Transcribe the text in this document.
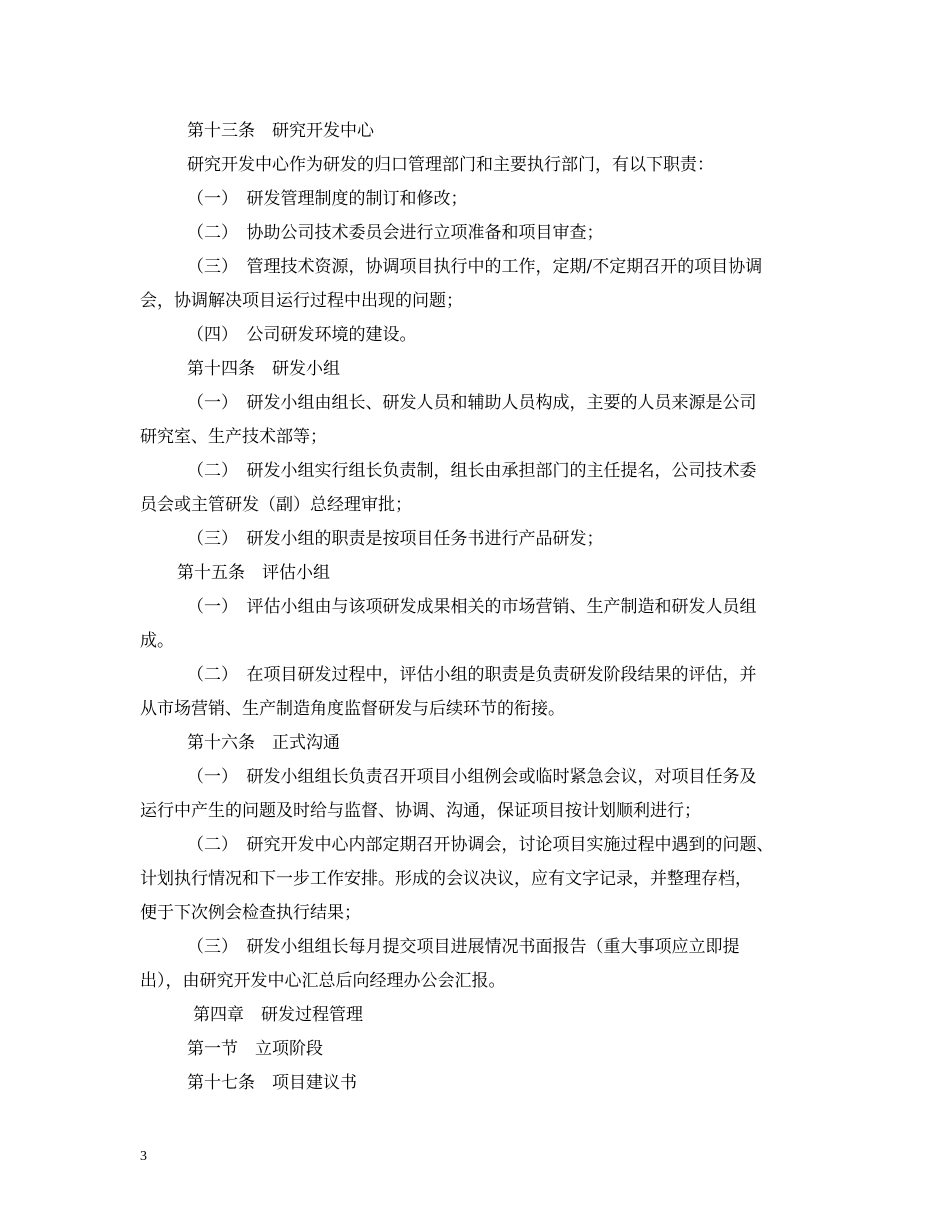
第十三条　研究开发中心
研究开发中心作为研发的归口管理部门和主要执行部门，有以下职责：
（一）　研发管理制度的制订和修改；
（二）　协助公司技术委员会进行立项准备和项目审查；
（三）　管理技术资源，协调项目执行中的工作，定期/不定期召开的项目协调
会，协调解决项目运行过程中出现的问题；
（四）　公司研发环境的建设。
第十四条　研发小组
（一）　研发小组由组长、研发人员和辅助人员构成，主要的人员来源是公司
研究室、生产技术部等；
（二）　研发小组实行组长负责制，组长由承担部门的主任提名，公司技术委
员会或主管研发（副）总经理审批；
（三）　研发小组的职责是按项目任务书进行产品研发；
第十五条　评估小组
（一）　评估小组由与该项研发成果相关的市场营销、生产制造和研发人员组
成。
（二）　在项目研发过程中，评估小组的职责是负责研发阶段结果的评估，并
从市场营销、生产制造角度监督研发与后续环节的衔接。
第十六条　正式沟通
（一）　研发小组组长负责召开项目小组例会或临时紧急会议，对项目任务及
运行中产生的问题及时给与监督、协调、沟通，保证项目按计划顺利进行；
（二）　研究开发中心内部定期召开协调会，讨论项目实施过程中遇到的问题、
计划执行情况和下一步工作安排。形成的会议决议，应有文字记录，并整理存档，
便于下次例会检查执行结果；
（三）　研发小组组长每月提交项目进展情况书面报告（重大事项应立即提
出），由研究开发中心汇总后向经理办公会汇报。
第四章　研发过程管理
第一节　立项阶段
第十七条　项目建议书
3
